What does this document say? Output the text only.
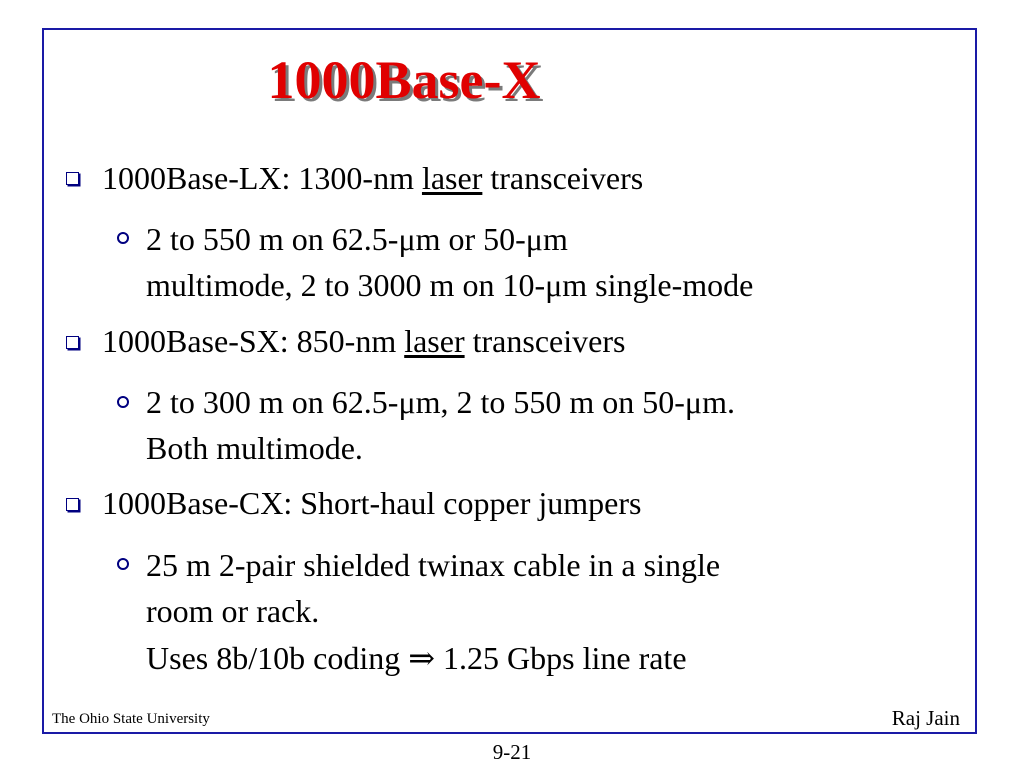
1000Base-X
1000Base-LX: 1300-nm laser transceivers
2 to 550 m on 62.5-μm or 50-μm
multimode, 2 to 3000 m on 10-μm single-mode
1000Base-SX: 850-nm laser transceivers
2 to 300 m on 62.5-μm, 2 to 550 m on 50-μm.
Both multimode.
1000Base-CX: Short-haul copper jumpers
25 m 2-pair shielded twinax cable in a single
room or rack.
Uses 8b/10b coding ⇒ 1.25 Gbps line rate
The Ohio State University	Raj Jain
9-21
